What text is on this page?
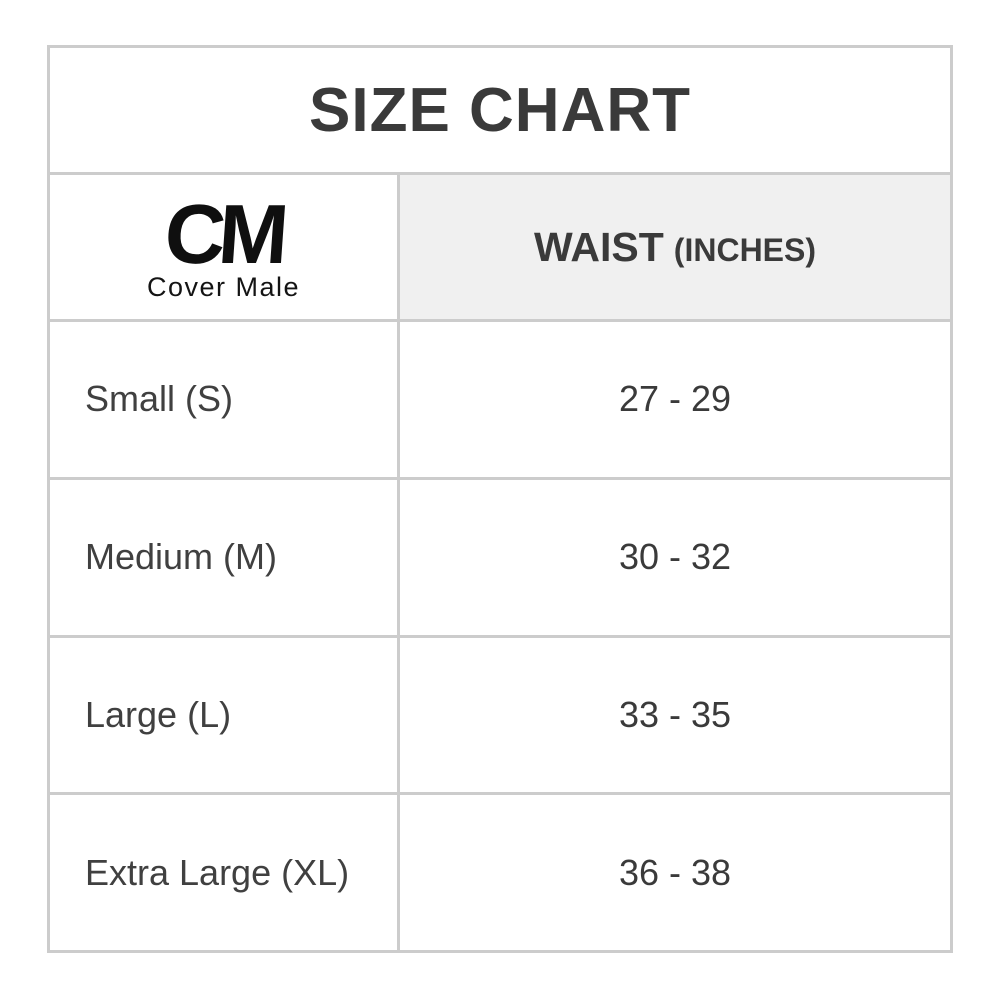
SIZE CHART
CM
Cover Male
WAIST (INCHES)
Small (S)	27 - 29
Medium (M)	30 - 32
Large (L)	33 - 35
Extra Large (XL)	36 - 38
